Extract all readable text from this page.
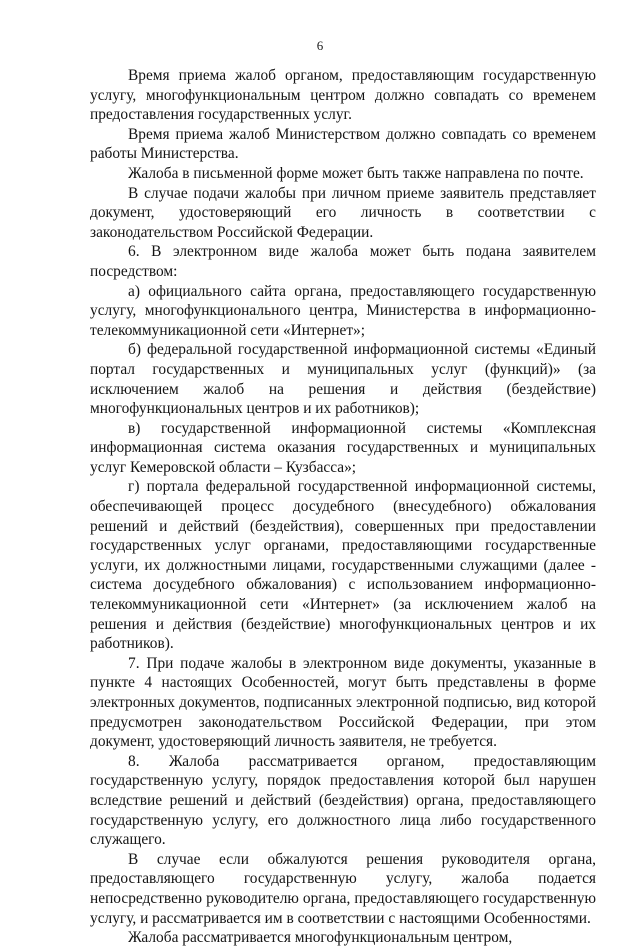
6

Время приема жалоб органом, предоставляющим государственную услугу, многофункциональным центром должно совпадать со временем предоставления государственных услуг.

Время приема жалоб Министерством должно совпадать со временем работы Министерства.

Жалоба в письменной форме может быть также направлена по почте.

В случае подачи жалобы при личном приеме заявитель представляет документ, удостоверяющий его личность в соответствии с законодательством Российской Федерации.

6. В электронном виде жалоба может быть подана заявителем посредством:

а) официального сайта органа, предоставляющего государственную услугу, многофункционального центра, Министерства в информационно-телекоммуникационной сети «Интернет»;

б) федеральной государственной информационной системы «Единый портал государственных и муниципальных услуг (функций)» (за исключением жалоб на решения и действия (бездействие) многофункциональных центров и их работников);

в) государственной информационной системы «Комплексная информационная система оказания государственных и муниципальных услуг Кемеровской области – Кузбасса»;

г) портала федеральной государственной информационной системы, обеспечивающей процесс досудебного (внесудебного) обжалования решений и действий (бездействия), совершенных при предоставлении государственных услуг органами, предоставляющими государственные услуги, их должностными лицами, государственными служащими (далее - система досудебного обжалования) с использованием информационно-телекоммуникационной сети «Интернет» (за исключением жалоб на решения и действия (бездействие) многофункциональных центров и их работников).

7. При подаче жалобы в электронном виде документы, указанные в пункте 4 настоящих Особенностей, могут быть представлены в форме электронных документов, подписанных электронной подписью, вид которой предусмотрен законодательством Российской Федерации, при этом документ, удостоверяющий личность заявителя, не требуется.

8. Жалоба рассматривается органом, предоставляющим государственную услугу, порядок предоставления которой был нарушен вследствие решений и действий (бездействия) органа, предоставляющего государственную услугу, его должностного лица либо государственного служащего.

В случае если обжалуются решения руководителя органа, предоставляющего государственную услугу, жалоба подается непосредственно руководителю органа, предоставляющего государственную услугу, и рассматривается им в соответствии с настоящими Особенностями.

Жалоба рассматривается многофункциональным центром,
